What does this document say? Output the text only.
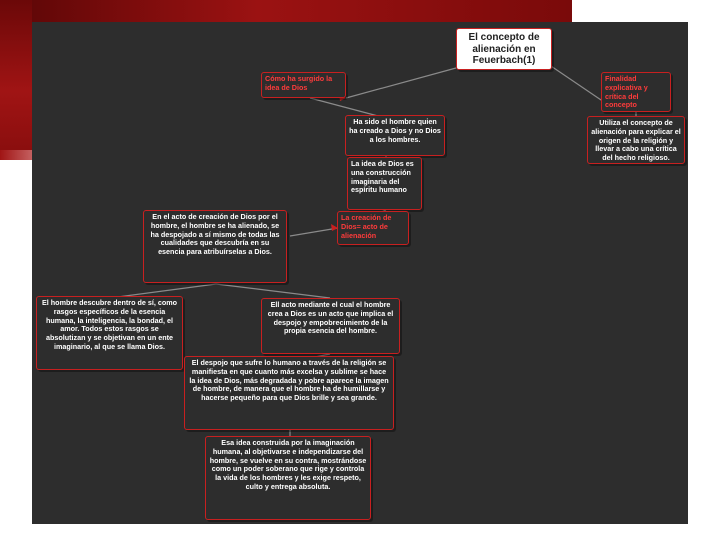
El concepto de alienación en Feuerbach(1)
Cómo ha surgido la idea de Dios
Finalidad explicativa y crítica del concepto
Ha sido el hombre quien ha creado a Dios y no Dios a los hombres.
Utiliza el concepto de alienación para explicar el origen de la religión y llevar a cabo una crítica del hecho religioso.
La idea de Dios es una construcción imaginaria del espíritu humano
La creación de Dios= acto de alienación
En el acto de creación de Dios por el hombre, el hombre se ha alienado, se ha despojado a sí mismo de todas las cualidades que descubría en su esencia para atribuírselas a Dios.
El hombre descubre dentro de sí, como rasgos específicos de la esencia humana, la inteligencia, la bondad, el amor. Todos estos rasgos se absolutizan y se objetivan en un ente imaginario, al que se llama Dios.
Ell acto mediante el cual el hombre crea a Dios es un acto que implica el despojo y empobrecimiento de la propia esencia del hombre.
El despojo que sufre lo humano a través de la religión se manifiesta en que cuanto más excelsa y sublime se hace la idea de Dios, más degradada y pobre aparece la imagen de hombre, de manera que el hombre ha de humillarse y hacerse pequeño para que Dios brille y sea grande.
Esa idea construida por la imaginación humana, al objetivarse e independizarse del hombre, se vuelve en su contra, mostrándose como un poder soberano que rige y controla la vida de los hombres y les exige respeto, culto y entrega absoluta.
